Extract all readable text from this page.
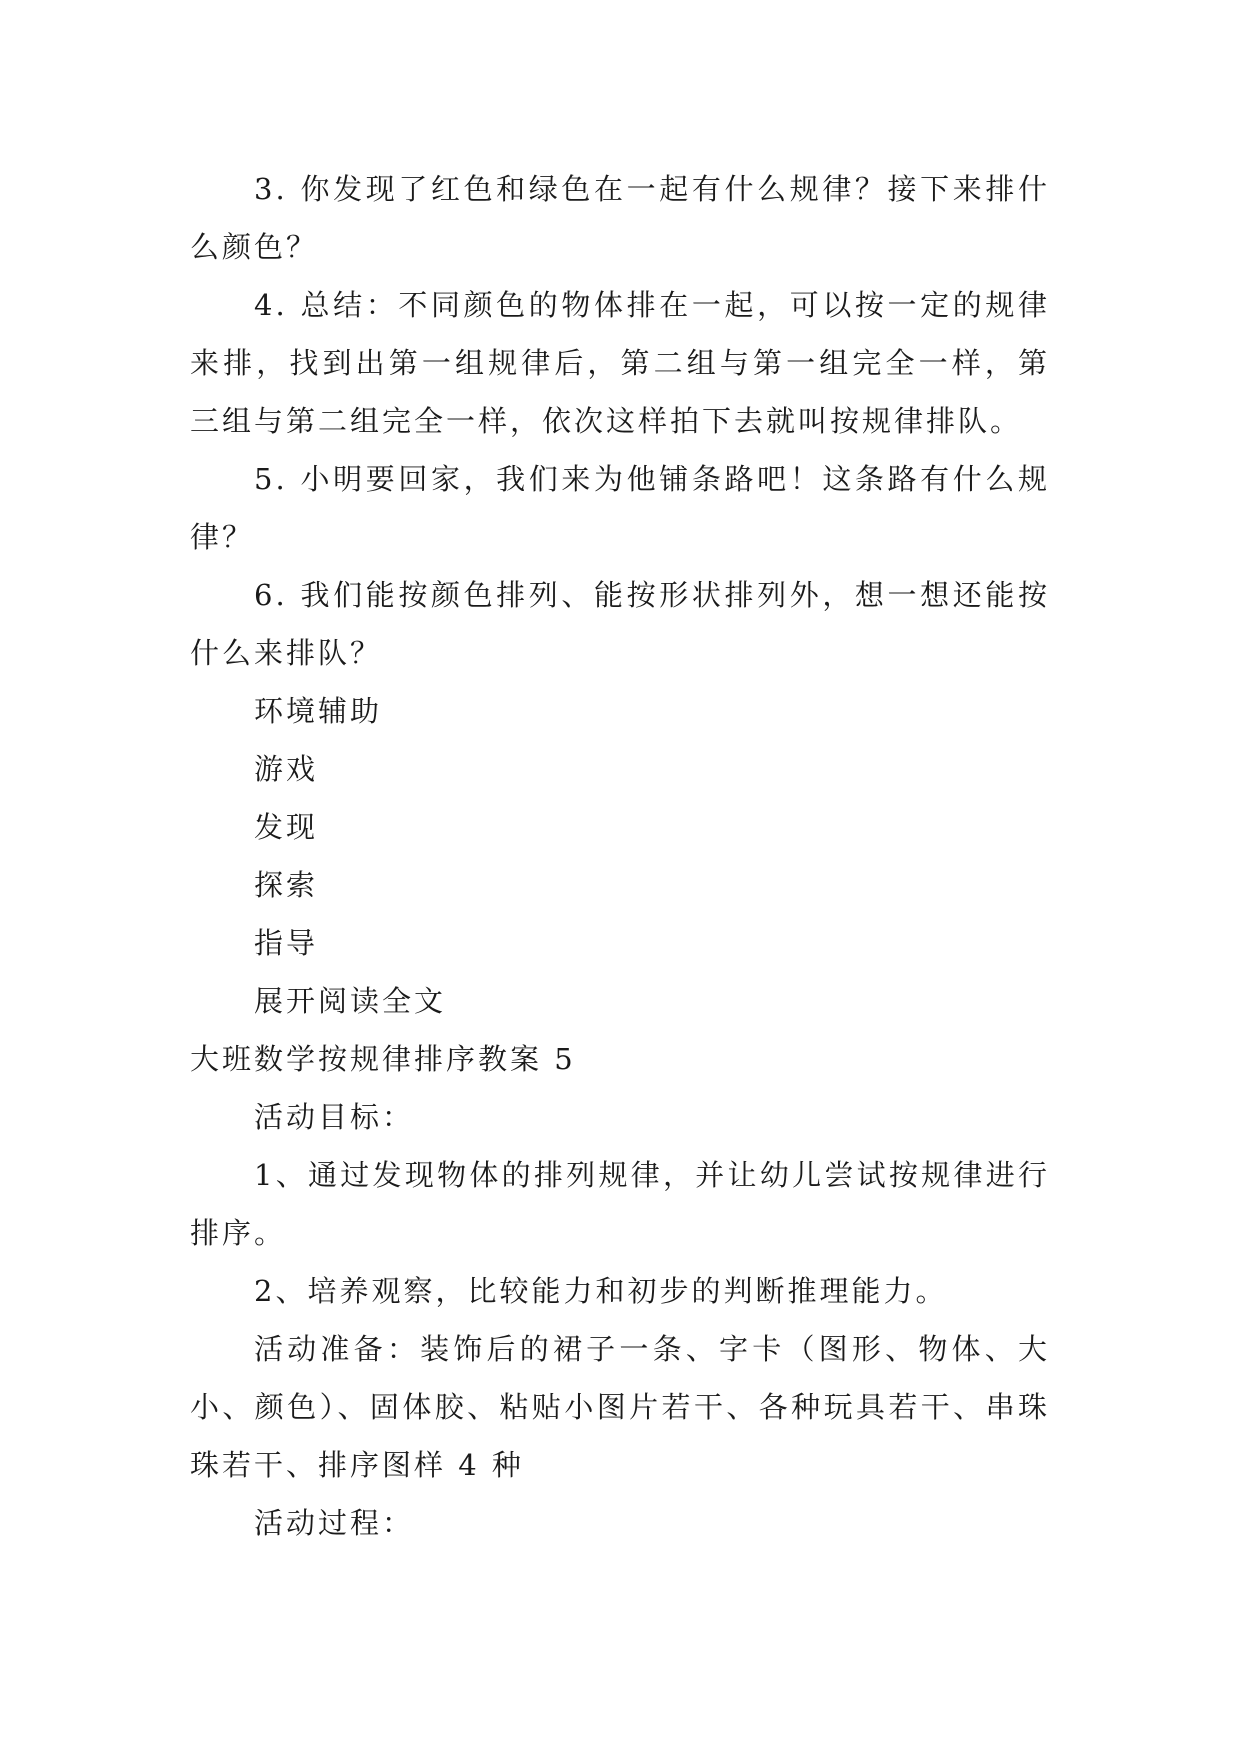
3. 你发现了红色和绿色在一起有什么规律？接下来排什么颜色？

4. 总结：不同颜色的物体排在一起，可以按一定的规律来排，找到出第一组规律后，第二组与第一组完全一样，第三组与第二组完全一样，依次这样拍下去就叫按规律排队。

5. 小明要回家，我们来为他铺条路吧！这条路有什么规律？

6. 我们能按颜色排列、能按形状排列外，想一想还能按什么来排队？

环境辅助

游戏

发现

探索

指导

展开阅读全文

大班数学按规律排序教案 5

活动目标：

1、通过发现物体的排列规律，并让幼儿尝试按规律进行排序。

2、培养观察，比较能力和初步的判断推理能力。

活动准备：装饰后的裙子一条、字卡（图形、物体、大小、颜色）、固体胶、粘贴小图片若干、各种玩具若干、串珠珠若干、排序图样 4 种

活动过程：
